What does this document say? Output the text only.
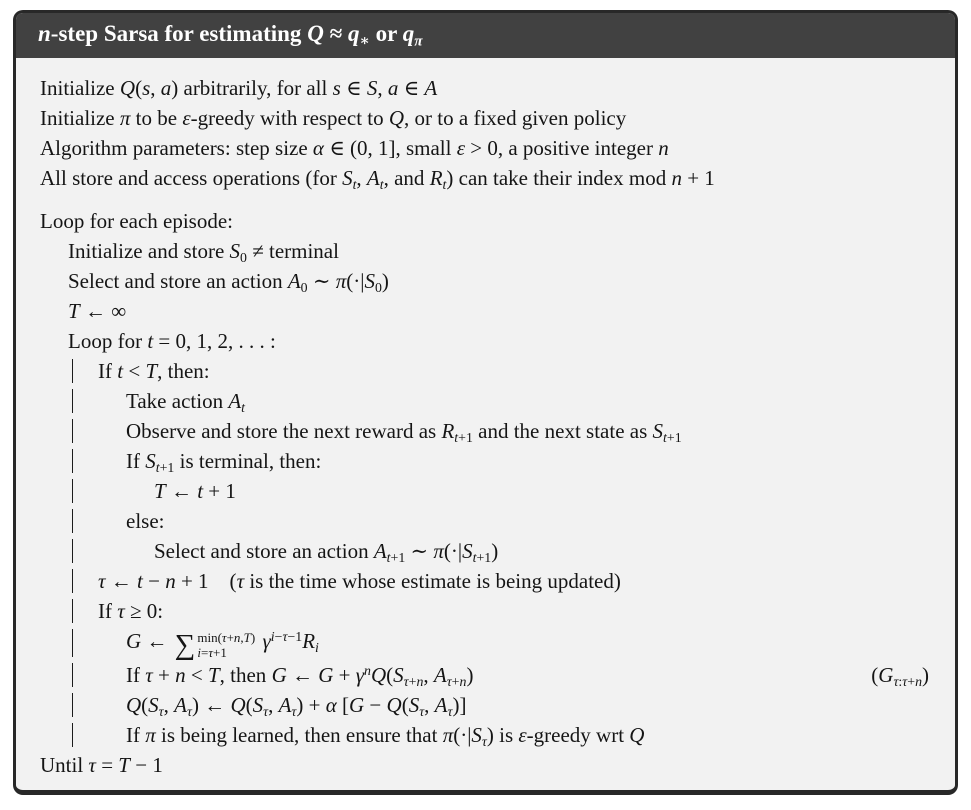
n-step Sarsa for estimating $Q \approx q_∗$ or $q_\pi$
Initialize Q(s, a) arbitrarily, for all s ∈ S, a ∈ A
Initialize π to be ε-greedy with respect to Q, or to a fixed given policy
Algorithm parameters: step size α ∈ (0, 1], small ε > 0, a positive integer n
All store and access operations (for $S_t$, $A_t$, and $R_t$) can take their index mod n + 1
Loop for each episode:
Initialize and store $S_0$ ≠ terminal
Select and store an action $A_0$ ∼ $\pi(\cdot|S_0)$
T ← ∞
Loop for t = 0, 1, 2, . . . :
If t < T, then:
Take action $A_t$
Observe and store the next reward as $R_{t+1}$ and the next state as $S_{t+1}$
If $S_{t+1}$ is terminal, then:
T ← t + 1
else:
Select and store an action $A_{t+1}$ ∼ $\pi(\cdot|S_{t+1})$
τ ← t − n + 1    (τ is the time whose estimate is being updated)
If τ ≥ 0:
G ← ∑ min(τ+n,T)
i=τ+1	$\gamma^{i-\tau-1}R_i$
If τ + n < T, then G ← $G + \gamma^nQ(S_{\tau+n}$, $A_{\tau+n}$)	$(G_{\tau:\tau+n})$
$Q(S_\tau$, $A_\tau$) ← $Q(S_\tau$, $A_\tau) + \alpha$ [$G - Q(S_\tau$, $A_\tau$)]
If π is being learned, then ensure that $\pi(\cdot|S_\tau)$ is ε-greedy wrt Q
Until τ = T − 1
